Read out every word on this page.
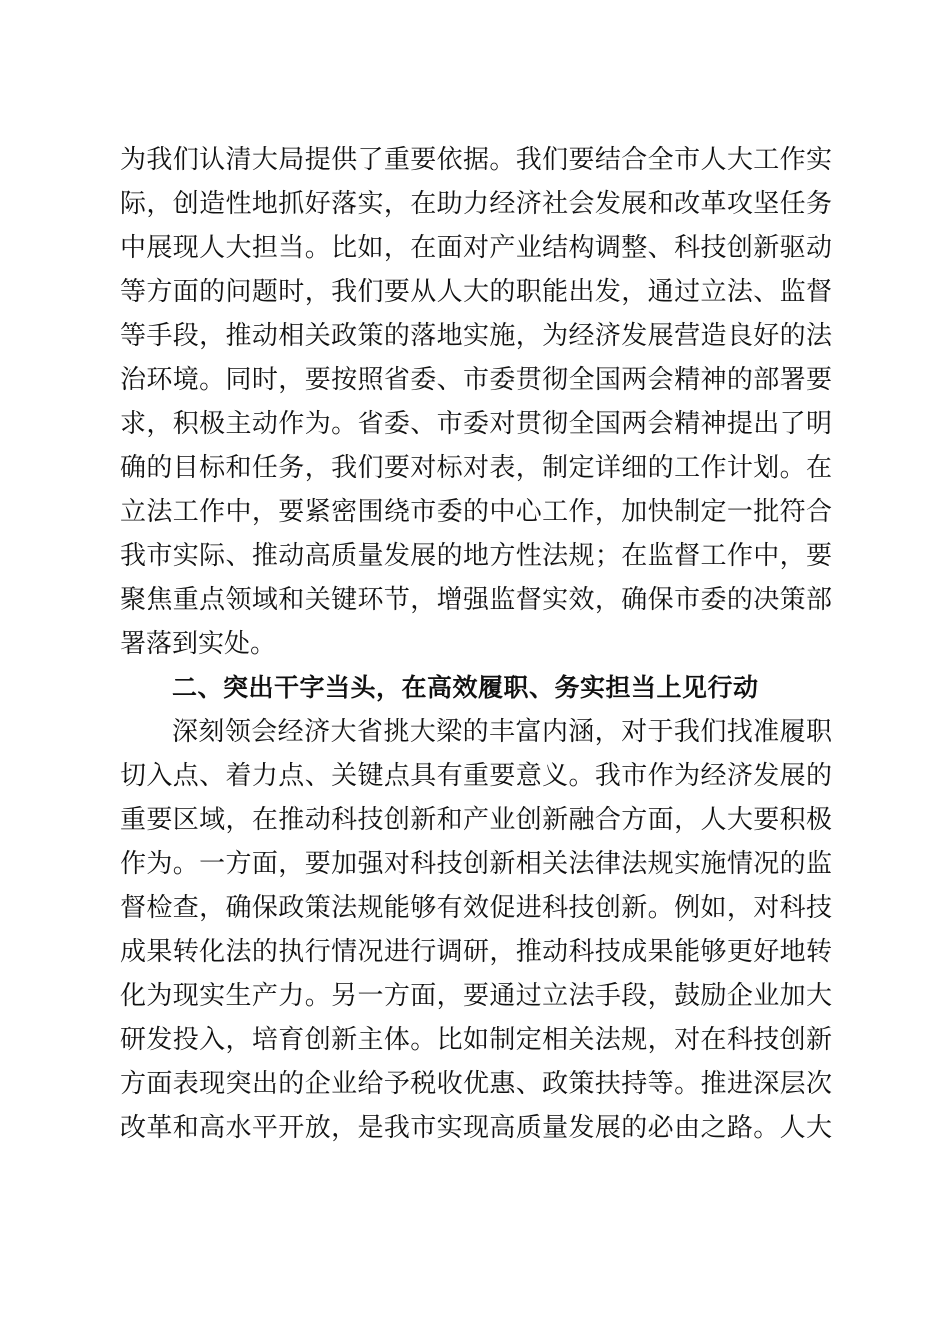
为我们认清大局提供了重要依据。我们要结合全市人大工作实
际，创造性地抓好落实，在助力经济社会发展和改革攻坚任务
中展现人大担当。比如，在面对产业结构调整、科技创新驱动
等方面的问题时，我们要从人大的职能出发，通过立法、监督
等手段，推动相关政策的落地实施，为经济发展营造良好的法
治环境。同时，要按照省委、市委贯彻全国两会精神的部署要
求，积极主动作为。省委、市委对贯彻全国两会精神提出了明
确的目标和任务，我们要对标对表，制定详细的工作计划。在
立法工作中，要紧密围绕市委的中心工作，加快制定一批符合
我市实际、推动高质量发展的地方性法规；在监督工作中，要
聚焦重点领域和关键环节，增强监督实效，确保市委的决策部
署落到实处。
二、突出干字当头，在高效履职、务实担当上见行动
深刻领会经济大省挑大梁的丰富内涵，对于我们找准履职
切入点、着力点、关键点具有重要意义。我市作为经济发展的
重要区域，在推动科技创新和产业创新融合方面，人大要积极
作为。一方面，要加强对科技创新相关法律法规实施情况的监
督检查，确保政策法规能够有效促进科技创新。例如，对科技
成果转化法的执行情况进行调研，推动科技成果能够更好地转
化为现实生产力。另一方面，要通过立法手段，鼓励企业加大
研发投入，培育创新主体。比如制定相关法规，对在科技创新
方面表现突出的企业给予税收优惠、政策扶持等。推进深层次
改革和高水平开放，是我市实现高质量发展的必由之路。人大
